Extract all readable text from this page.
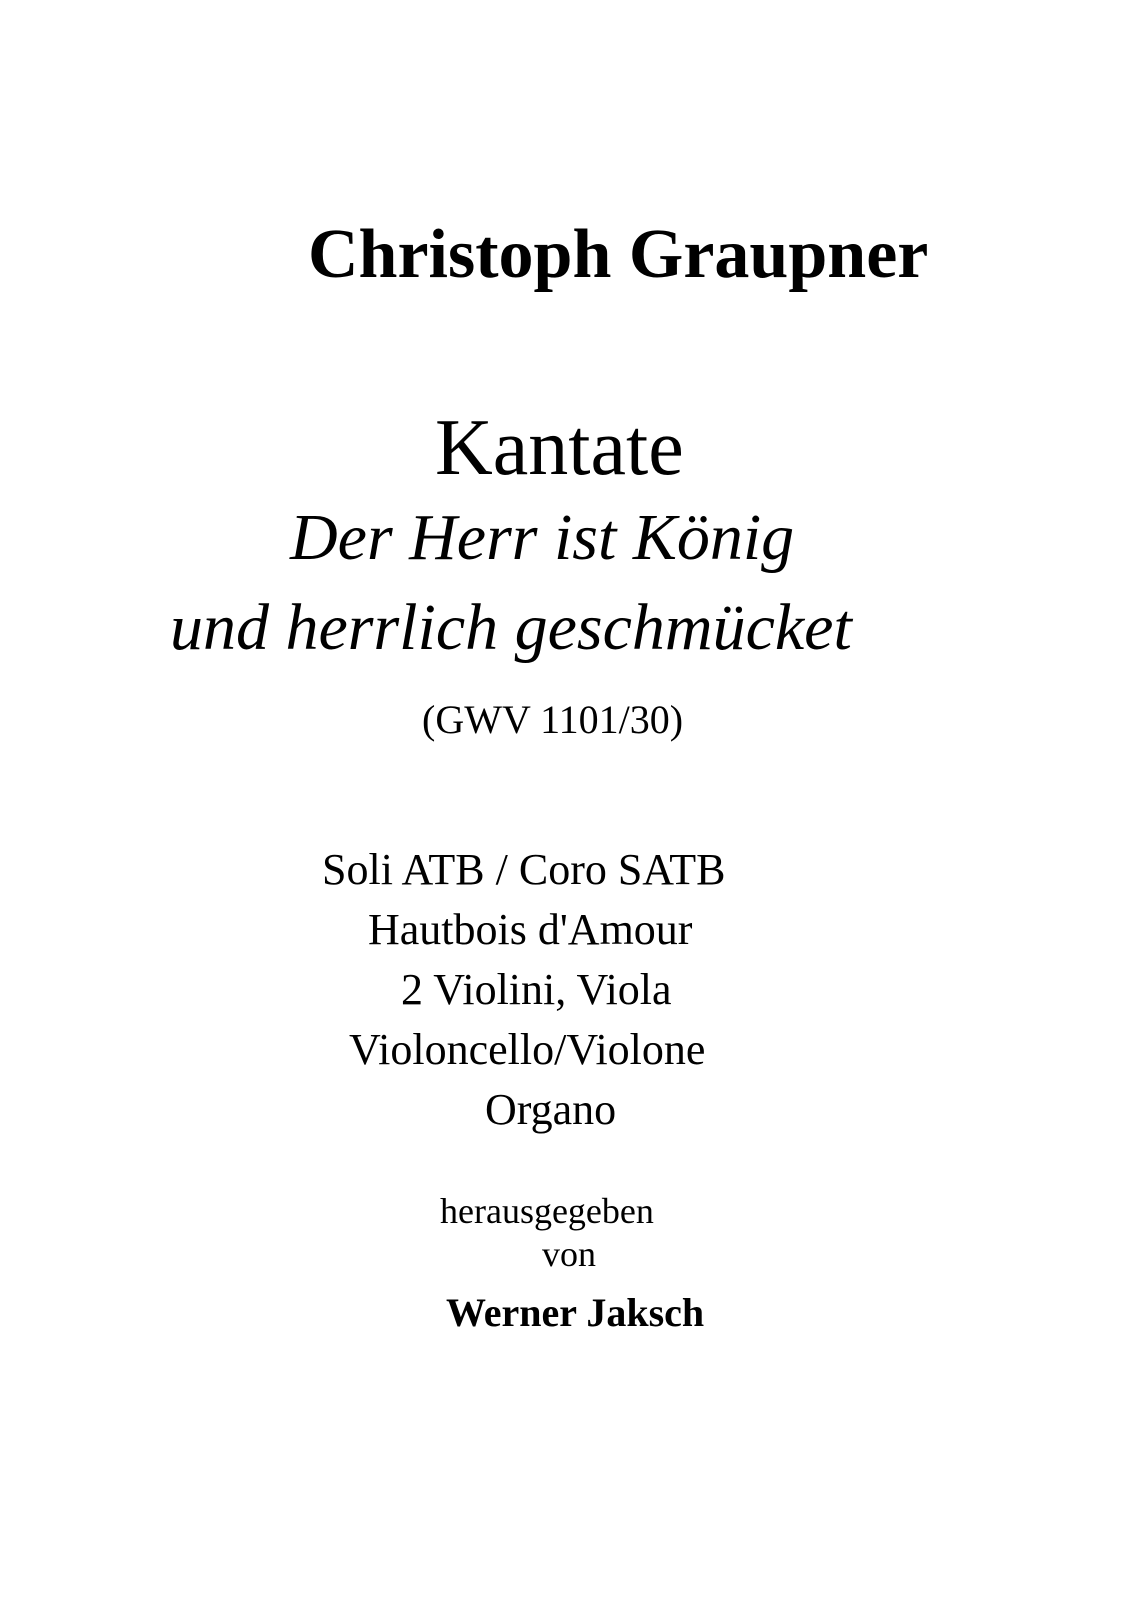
Christoph Graupner
Kantate
Der Herr ist König
und herrlich geschmücket
(GWV 1101/30)
Soli ATB / Coro SATB
Hautbois d'Amour
2 Violini, Viola
Violoncello/Violone
Organo
herausgegeben
von
Werner Jaksch
